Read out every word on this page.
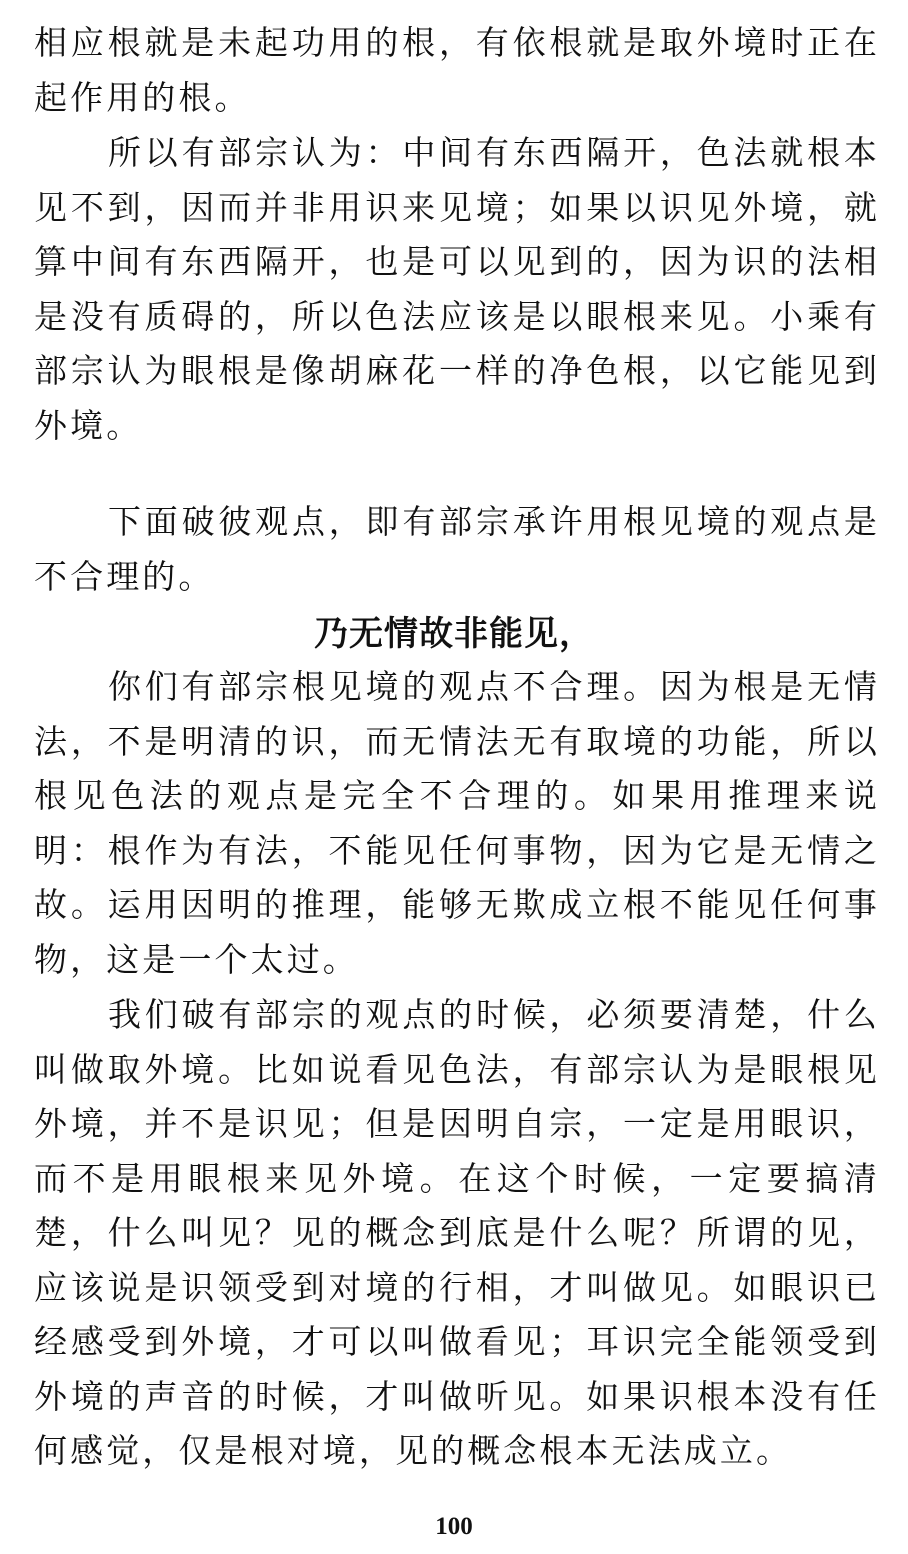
相应根就是未起功用的根，有依根就是取外境时正在起作用的根。

所以有部宗认为：中间有东西隔开，色法就根本见不到，因而并非用识来见境；如果以识见外境，就算中间有东西隔开，也是可以见到的，因为识的法相是没有质碍的，所以色法应该是以眼根来见。小乘有部宗认为眼根是像胡麻花一样的净色根，以它能见到外境。

下面破彼观点，即有部宗承许用根见境的观点是不合理的。

乃无情故非能见，

你们有部宗根见境的观点不合理。因为根是无情法，不是明清的识，而无情法无有取境的功能，所以根见色法的观点是完全不合理的。如果用推理来说明：根作为有法，不能见任何事物，因为它是无情之故。运用因明的推理，能够无欺成立根不能见任何事物，这是一个太过。

我们破有部宗的观点的时候，必须要清楚，什么叫做取外境。比如说看见色法，有部宗认为是眼根见外境，并不是识见；但是因明自宗，一定是用眼识，而不是用眼根来见外境。在这个时候，一定要搞清楚，什么叫见？见的概念到底是什么呢？所谓的见，应该说是识领受到对境的行相，才叫做见。如眼识已经感受到外境，才可以叫做看见；耳识完全能领受到外境的声音的时候，才叫做听见。如果识根本没有任何感觉，仅是根对境，见的概念根本无法成立。

100
